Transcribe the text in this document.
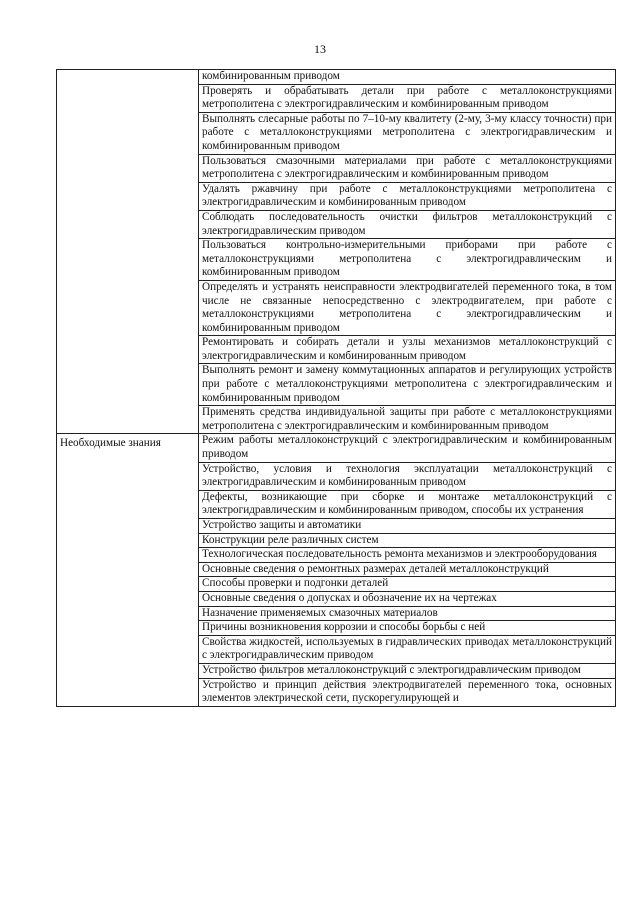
13
	комбинированным приводом
	Проверять и обрабатывать детали при работе с металлоконструкциями метрополитена с электрогидравлическим и комбинированным приводом
	Выполнять слесарные работы по 7–10-му квалитету (2-му, 3-му классу точности) при работе с металлоконструкциями метрополитена с электрогидравлическим и комбинированным приводом
	Пользоваться смазочными материалами при работе с металлоконструкциями метрополитена с электрогидравлическим и комбинированным приводом
	Удалять ржавчину при работе с металлоконструкциями метрополитена с электрогидравлическим и комбинированным приводом
	Соблюдать последовательность очистки фильтров металлоконструкций с электрогидравлическим приводом
	Пользоваться контрольно-измерительными приборами при работе с металлоконструкциями метрополитена с электрогидравлическим и комбинированным приводом
	Определять и устранять неисправности электродвигателей переменного тока, в том числе не связанные непосредственно с электродвигателем, при работе с металлоконструкциями метрополитена с электрогидравлическим и комбинированным приводом
	Ремонтировать и собирать детали и узлы механизмов металлоконструкций с электрогидравлическим и комбинированным приводом
	Выполнять ремонт и замену коммутационных аппаратов и регулирующих устройств при работе с металлоконструкциями метрополитена с электрогидравлическим и комбинированным приводом
	Применять средства индивидуальной защиты при работе с металлоконструкциями метрополитена с электрогидравлическим и комбинированным приводом
Необходимые знания	Режим работы металлоконструкций с электрогидравлическим и комбинированным приводом
	Устройство, условия и технология эксплуатации металлоконструкций с электрогидравлическим и комбинированным приводом
	Дефекты, возникающие при сборке и монтаже металлоконструкций с электрогидравлическим и комбинированным приводом, способы их устранения
	Устройство защиты и автоматики
	Конструкции реле различных систем
	Технологическая последовательность ремонта механизмов и электрооборудования
	Основные сведения о ремонтных размерах деталей металлоконструкций
	Способы проверки и подгонки деталей
	Основные сведения о допусках и обозначение их на чертежах
	Назначение применяемых смазочных материалов
	Причины возникновения коррозии и способы борьбы с ней
	Свойства жидкостей, используемых в гидравлических приводах металлоконструкций с электрогидравлическим приводом
	Устройство фильтров металлоконструкций с электрогидравлическим приводом
	Устройство и принцип действия электродвигателей переменного тока, основных элементов электрической сети, пускорегулирующей и
